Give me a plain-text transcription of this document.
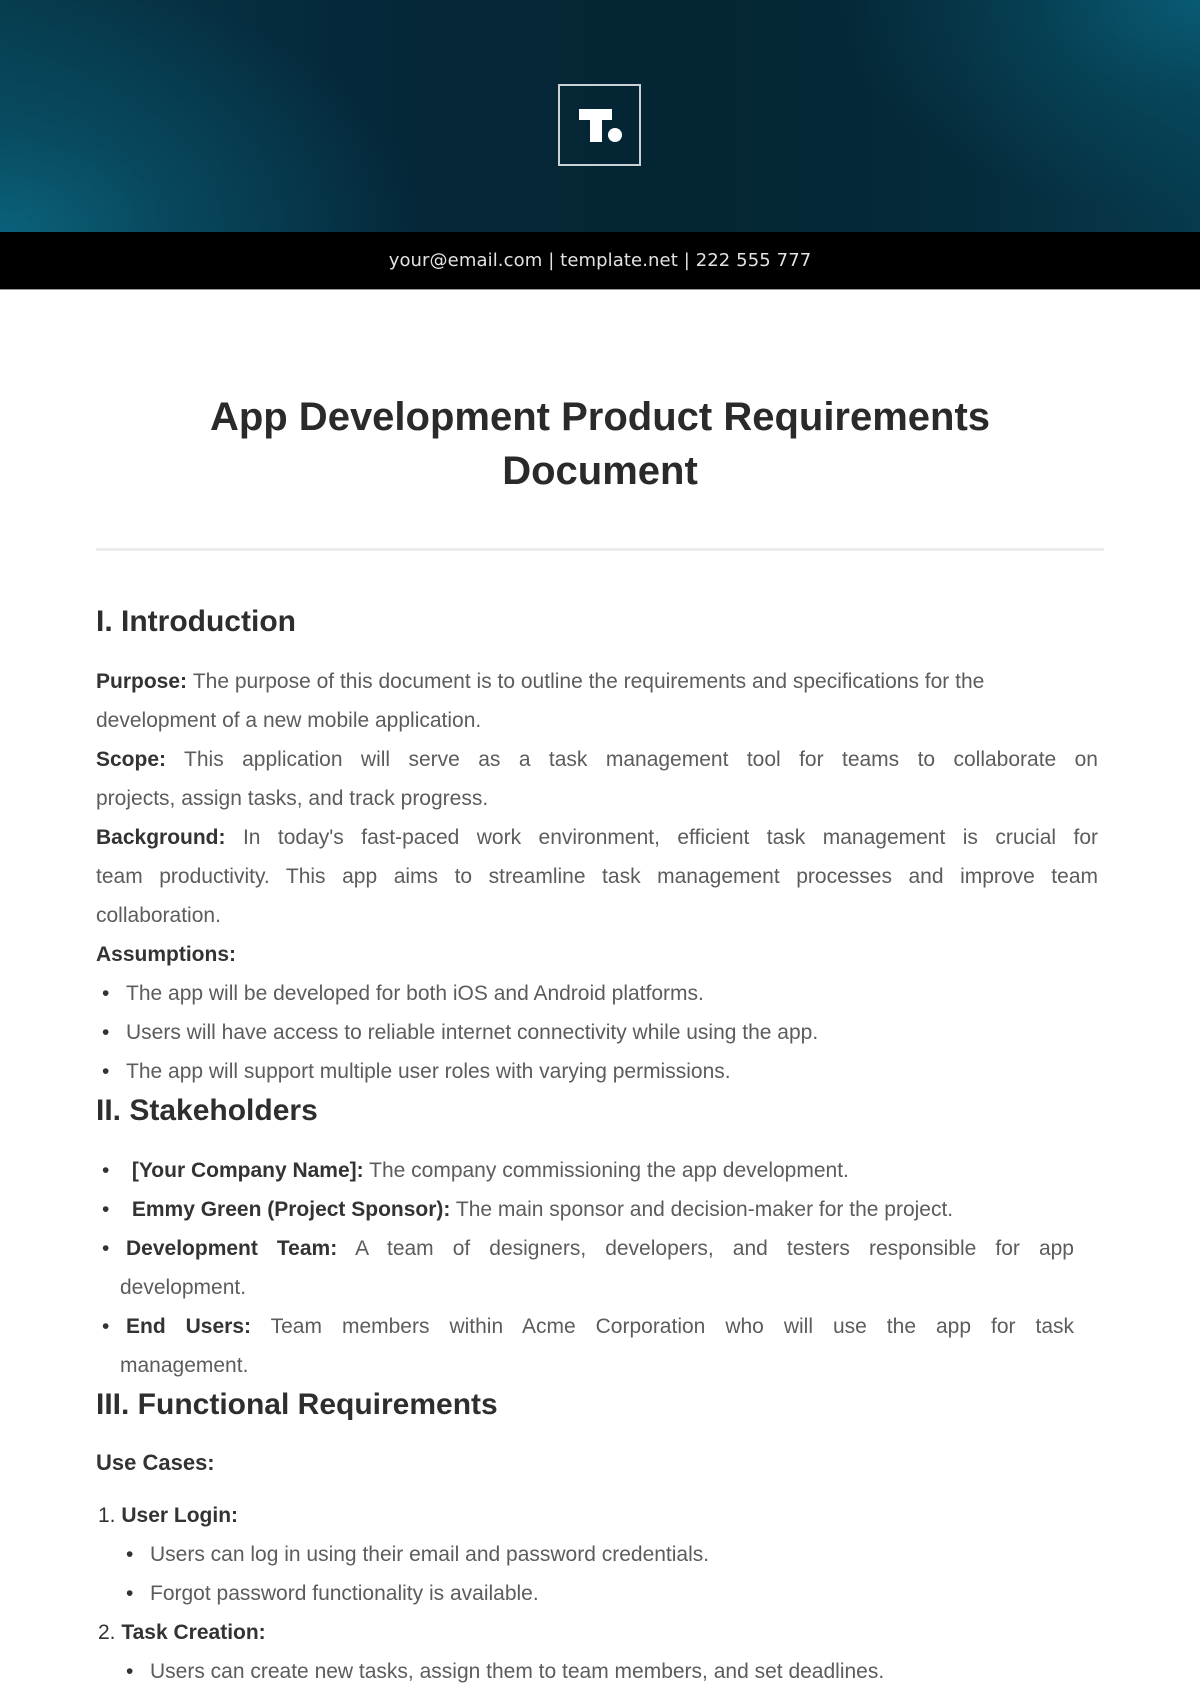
your@email.com | template.net | 222 555 777
App Development Product Requirements
Document
I. Introduction
Purpose: The purpose of this document is to outline the requirements and specifications for the
development of a new mobile application.
Scope: This application will serve as a task management tool for teams to collaborate on
projects, assign tasks, and track progress.
Background: In today's fast-paced work environment, efficient task management is crucial for
team productivity. This app aims to streamline task management processes and improve team
collaboration.
Assumptions:
• The app will be developed for both iOS and Android platforms.
• Users will have access to reliable internet connectivity while using the app.
• The app will support multiple user roles with varying permissions.
II. Stakeholders
• [Your Company Name]: The company commissioning the app development.
• Emmy Green (Project Sponsor): The main sponsor and decision-maker for the project.
• Development Team: A team of designers, developers, and testers responsible for app
development.
• End Users: Team members within Acme Corporation who will use the app for task
management.
III. Functional Requirements
Use Cases:
1. User Login:
• Users can log in using their email and password credentials.
• Forgot password functionality is available.
2. Task Creation:
• Users can create new tasks, assign them to team members, and set deadlines.
